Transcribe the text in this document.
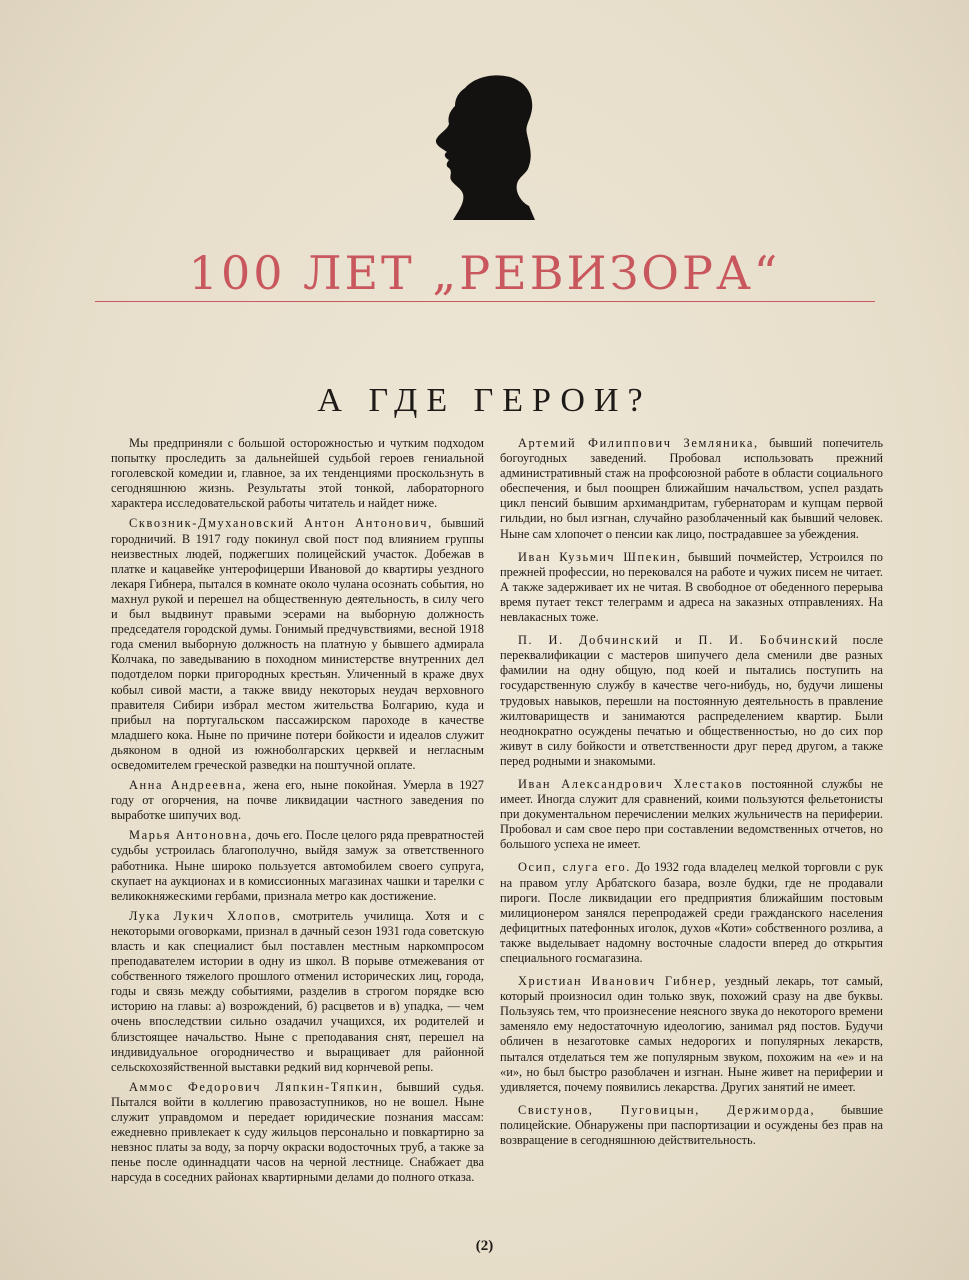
100 ЛЕТ „РЕВИЗОРА“
А ГДЕ ГЕРОИ?

Мы предприняли с большой осторожностью и чутким подходом попытку проследить за дальнейшей судьбой героев гениальной гоголевской комедии и, главное, за их тенденциями проскользнуть в сегодняшнюю жизнь. Результаты этой тонкой, лабораторного характера исследовательской работы читатель и найдет ниже.

Сквозник-Дмухановский Антон Антонович, бывший городничий. В 1917 году покинул свой пост под влиянием группы неизвестных людей, поджегших полицейский участок. Добежав в платке и кацавейке унтерофицерши Ивановой до квартиры уездного лекаря Гибнера, пытался в комнате около чулана осознать события, но махнул рукой и перешел на общественную деятельность, в силу чего и был выдвинут правыми эсерами на выборную должность председателя городской думы. Гонимый предчувствиями, весной 1918 года сменил выборную должность на платную у бывшего адмирала Колчака, по заведыванию в походном министерстве внутренних дел подотделом порки пригородных крестьян. Уличенный в краже двух кобыл сивой масти, а также ввиду некоторых неудач верховного правителя Сибири избрал местом жительства Болгарию, куда и прибыл на португальском пассажирском пароходе в качестве младшего кока. Ныне по причине потери бойкости и идеалов служит дьяконом в одной из южноболгарских церквей и негласным осведомителем греческой разведки на поштучной оплате.

Анна Андреевна, жена его, ныне покойная. Умерла в 1927 году от огорчения, на почве ликвидации частного заведения по выработке шипучих вод.

Марья Антоновна, дочь его. После целого ряда превратностей судьбы устроилась благополучно, выйдя замуж за ответственного работника. Ныне широко пользуется автомобилем своего супруга, скупает на аукционах и в комиссионных магазинах чашки и тарелки с великокняжескими гербами, признала метро как достижение.

Лука Лукич Хлопов, смотритель училища. Хотя и с некоторыми оговорками, признал в дачный сезон 1931 года советскую власть и как специалист был поставлен местным наркомпросом преподавателем истории в одну из школ. В порыве отмежевания от собственного тяжелого прошлого отменил исторических лиц, города, годы и связь между событиями, разделив в строгом порядке всю историю на главы: а) возрождений, б) расцветов и в) упадка, — чем очень впоследствии сильно озадачил учащихся, их родителей и близстоящее начальство. Ныне с преподавания снят, перешел на индивидуальное огородничество и выращивает для районной сельскохозяйственной выставки редкий вид корнчевой репы.

Аммос Федорович Ляпкин-Тяпкин, бывший судья. Пытался войти в коллегию правозаступников, но не вошел. Ныне служит управдомом и передает юридические познания массам: ежедневно привлекает к суду жильцов персонально и повкартирно за невзнос платы за воду, за порчу окраски водосточных труб, а также за пенье после одиннадцати часов на черной лестнице. Снабжает два нарсуда в соседних районах квартирными делами до полного отказа.

Артемий Филиппович Земляника, бывший попечитель богоугодных заведений. Пробовал использовать прежний административный стаж на профсоюзной работе в области социального обеспечения, и был поощрен ближайшим начальством, успел раздать цикл пенсий бывшим архимандритам, губернаторам и купцам первой гильдии, но был изгнан, случайно разоблаченный как бывший человек. Ныне сам хлопочет о пенсии как лицо, пострадавшее за убеждения.

Иван Кузьмич Шпекин, бывший почмейстер, Устроился по прежней профессии, но перековался на работе и чужих писем не читает. А также задерживает их не читая. В свободное от обеденного перерыва время путает текст телеграмм и адреса на заказных отправлениях. На невлакасных тоже.

П. И. Добчинский и П. И. Бобчинский после переквалификации с мастеров шипучего дела сменили две разных фамилии на одну общую, под коей и пытались поступить на государственную службу в качестве чего-нибудь, но, будучи лишены трудовых навыков, перешли на постоянную деятельность в правление жилтовариществ и занимаются распределением квартир. Были неоднократно осуждены печатью и общественностью, но до сих пор живут в силу бойкости и ответственности друг перед другом, а также перед родными и знакомыми.

Иван Александрович Хлестаков постоянной службы не имеет. Иногда служит для сравнений, коими пользуются фельетонисты при документальном перечислении мелких жульничеств на периферии. Пробовал и сам свое перо при составлении ведомственных отчетов, но большого успеха не имеет.

Осип, слуга его. До 1932 года владелец мелкой торговли с рук на правом углу Арбатского базара, возле будки, где не продавали пироги. После ликвидации его предприятия ближайшим постовым милиционером занялся перепродажей среди гражданского населения дефицитных патефонных иголок, духов «Коти» собственного розлива, а также выделывает надомну восточные сладости вперед до открытия специального госмагазина.

Христиан Иванович Гибнер, уездный лекарь, тот самый, который произносил один только звук, похожий сразу на две буквы. Пользуясь тем, что произнесение неясного звука до некоторого времени заменяло ему недостаточную идеологию, занимал ряд постов. Будучи обличен в незаготовке самых недорогих и популярных лекарств, пытался отделаться тем же популярным звуком, похожим на «е» и на «и», но был быстро разоблачен и изгнан. Ныне живет на периферии и удивляется, почему появились лекарства. Других занятий не имеет.

Свистунов, Пуговицын, Держиморда, бывшие полицейские. Обнаружены при паспортизации и осуждены без прав на возвращение в сегодняшнюю действительность.

(2)
